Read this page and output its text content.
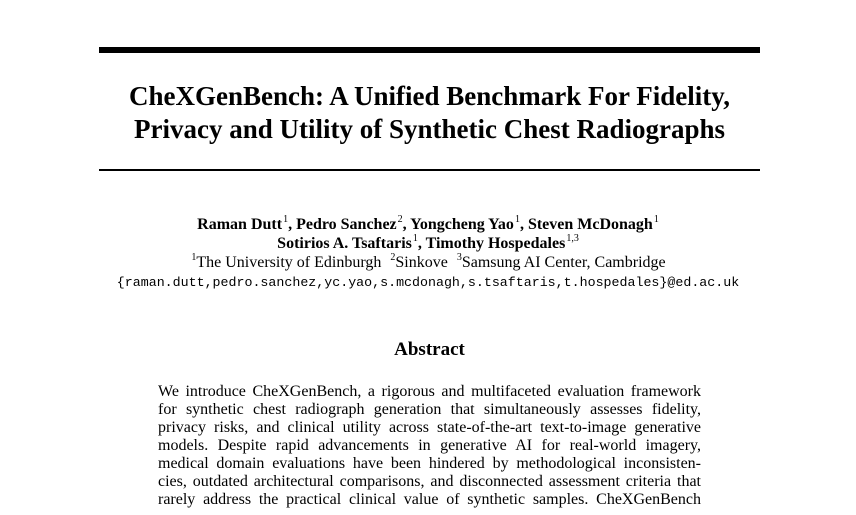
CheXGenBench: A Unified Benchmark For Fidelity,
Privacy and Utility of Synthetic Chest Radiographs
Raman Dutt$^1$, Pedro Sanchez$^2$, Yongcheng Yao$^1$, Steven McDonagh$^1$
Sotirios A. Tsaftaris$^1$, Timothy Hospedales$^{1,3}$
$^1$The University of Edinburgh $^2$Sinkove $^3$Samsung AI Center, Cambridge
{raman.dutt,pedro.sanchez,yc.yao,s.mcdonagh,s.tsaftaris,t.hospedales}@ed.ac.uk
Abstract
We introduce CheXGenBench, a rigorous and multifaceted evaluation framework
for synthetic chest radiograph generation that simultaneously assesses fidelity,
privacy risks, and clinical utility across state-of-the-art text-to-image generative
models. Despite rapid advancements in generative AI for real-world imagery,
medical domain evaluations have been hindered by methodological inconsisten-
cies, outdated architectural comparisons, and disconnected assessment criteria that
rarely address the practical clinical value of synthetic samples. CheXGenBench
